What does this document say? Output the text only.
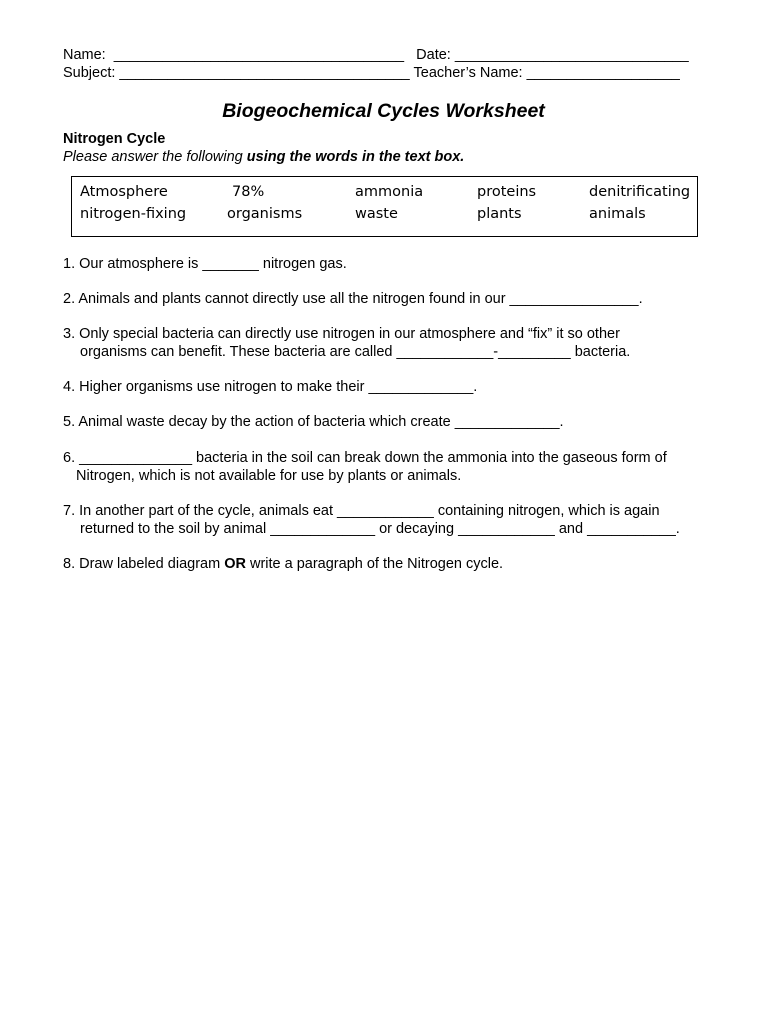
Name:  ____________________________________   Date: _____________________________
Subject: ____________________________________ Teacher’s Name: ___________________
Biogeochemical Cycles Worksheet
Nitrogen Cycle
Please answer the following using the words in the text box.
Atmosphere	78%	ammonia	proteins	denitrificating
nitrogen-fixing	organisms	waste	plants	animals
1. Our atmosphere is _______ nitrogen gas.
2. Animals and plants cannot directly use all the nitrogen found in our ________________.
3. Only special bacteria can directly use nitrogen in our atmosphere and “fix” it so other
organisms can benefit. These bacteria are called ____________-_________ bacteria.
4. Higher organisms use nitrogen to make their _____________.
5. Animal waste decay by the action of bacteria which create _____________.
6. ______________ bacteria in the soil can break down the ammonia into the gaseous form of
Nitrogen, which is not available for use by plants or animals.
7. In another part of the cycle, animals eat ____________ containing nitrogen, which is again
returned to the soil by animal _____________ or decaying ____________ and ___________.
8. Draw labeled diagram OR write a paragraph of the Nitrogen cycle.
